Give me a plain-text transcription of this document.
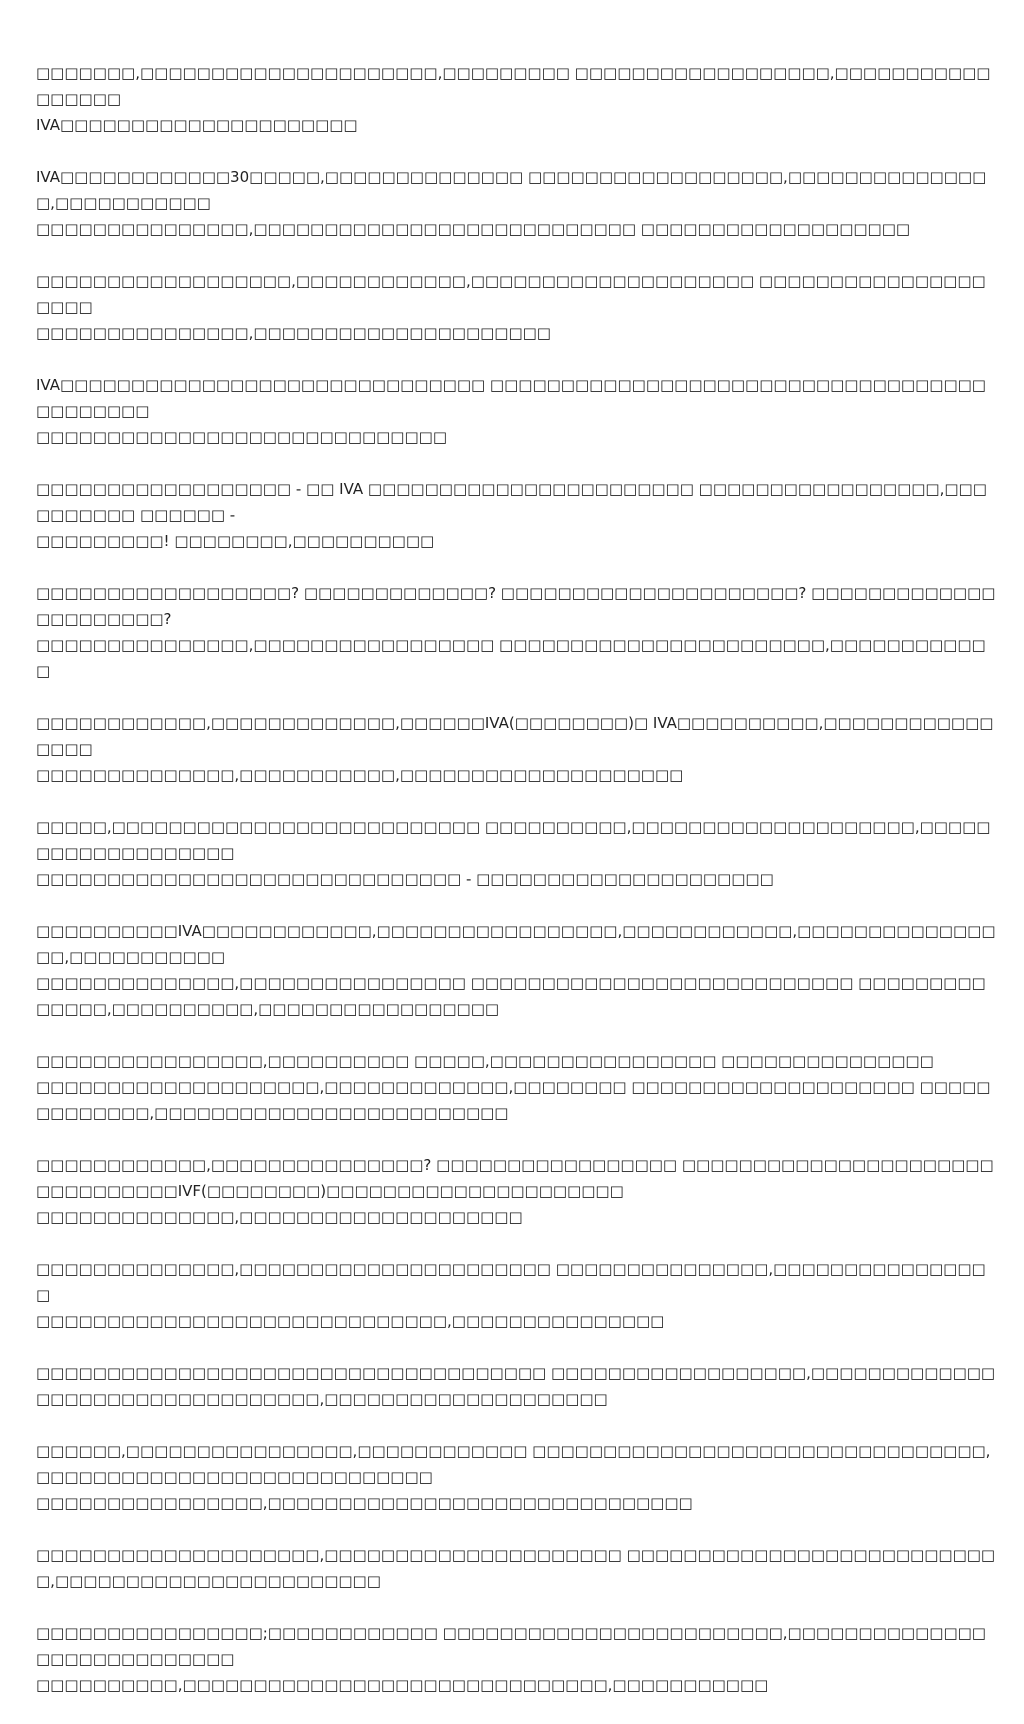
□□□□□□□,□□□□□□□□□□□□□□□□□□□□□,□□□□□□□□□ □□□□□□□□□□□□□□□□□□,□□□□□□□□□□□□□□□□□
IVA□□□□□□□□□□□□□□□□□□□□□

IVA□□□□□□□□□□□□30□□□□□,□□□□□□□□□□□□□□ □□□□□□□□□□□□□□□□□□,□□□□□□□□□□□□□□□,□□□□□□□□□□□
□□□□□□□□□□□□□□□,□□□□□□□□□□□□□□□□□□□□□□□□□□□ □□□□□□□□□□□□□□□□□□□

□□□□□□□□□□□□□□□□□□,□□□□□□□□□□□□,□□□□□□□□□□□□□□□□□□□□ □□□□□□□□□□□□□□□□□□□□
□□□□□□□□□□□□□□□,□□□□□□□□□□□□□□□□□□□□□

IVA□□□□□□□□□□□□□□□□□□□□□□□□□□□□□□ □□□□□□□□□□□□□□□□□□□□□□□□□□□□□□□□□□□□□□□□□□□
□□□□□□□□□□□□□□□□□□□□□□□□□□□□□

□□□□□□□□□□□□□□□□□□ - □□ IVA □□□□□□□□□□□□□□□□□□□□□□□ □□□□□□□□□□□□□□□□□,□□□□□□□□□□ □□□□□□ -
□□□□□□□□□! □□□□□□□□,□□□□□□□□□□

□□□□□□□□□□□□□□□□□□? □□□□□□□□□□□□□? □□□□□□□□□□□□□□□□□□□□□? □□□□□□□□□□□□□□□□□□□□□□?
□□□□□□□□□□□□□□□,□□□□□□□□□□□□□□□□□ □□□□□□□□□□□□□□□□□□□□□□□,□□□□□□□□□□□□

□□□□□□□□□□□□,□□□□□□□□□□□□□,□□□□□□IVA(□□□□□□□□)□ IVA□□□□□□□□□□,□□□□□□□□□□□□□□□□
□□□□□□□□□□□□□□,□□□□□□□□□□□,□□□□□□□□□□□□□□□□□□□□

□□□□□,□□□□□□□□□□□□□□□□□□□□□□□□□□ □□□□□□□□□□,□□□□□□□□□□□□□□□□□□□□,□□□□□□□□□□□□□□□□□□□
□□□□□□□□□□□□□□□□□□□□□□□□□□□□□□ - □□□□□□□□□□□□□□□□□□□□□

□□□□□□□□□□IVA□□□□□□□□□□□□,□□□□□□□□□□□□□□□□□,□□□□□□□□□□□□,□□□□□□□□□□□□□□□□,□□□□□□□□□□□
□□□□□□□□□□□□□□,□□□□□□□□□□□□□□□□ □□□□□□□□□□□□□□□□□□□□□□□□□□□ □□□□□□□□□□□□□□,□□□□□□□□□□,□□□□□□□□□□□□□□□□□

□□□□□□□□□□□□□□□□,□□□□□□□□□□ □□□□□,□□□□□□□□□□□□□□□□ □□□□□□□□□□□□□□□
□□□□□□□□□□□□□□□□□□□□,□□□□□□□□□□□□□,□□□□□□□□ □□□□□□□□□□□□□□□□□□□□ □□□□□□□□□□□□□,□□□□□□□□□□□□□□□□□□□□□□□□□

□□□□□□□□□□□□,□□□□□□□□□□□□□□□? □□□□□□□□□□□□□□□□□ □□□□□□□□□□□□□□□□□□□□□□□□□□□□□□□□IVF(□□□□□□□□)□□□□□□□□□□□□□□□□□□□□□
□□□□□□□□□□□□□□,□□□□□□□□□□□□□□□□□□□□

□□□□□□□□□□□□□□,□□□□□□□□□□□□□□□□□□□□□□ □□□□□□□□□□□□□□□,□□□□□□□□□□□□□□□□
□□□□□□□□□□□□□□□□□□□□□□□□□□□□□,□□□□□□□□□□□□□□□

□□□□□□□□□□□□□□□□□□□□□□□□□□□□□□□□□□□□ □□□□□□□□□□□□□□□□□□,□□□□□□□□□□□□□ □□□□□□□□□□□□□□□□□□□□,□□□□□□□□□□□□□□□□□□□□

□□□□□□,□□□□□□□□□□□□□□□□,□□□□□□□□□□□□ □□□□□□□□□□□□□□□□□□□□□□□□□□□□□□□□,□□□□□□□□□□□□□□□□□□□□□□□□□□□□
□□□□□□□□□□□□□□□□,□□□□□□□□□□□□□□□□□□□□□□□□□□□□□□

□□□□□□□□□□□□□□□□□□□□,□□□□□□□□□□□□□□□□□□□□□ □□□□□□□□□□□□□□□□□□□□□□□□□□□,□□□□□□□□□□□□□□□□□□□□□□□

□□□□□□□□□□□□□□□□;□□□□□□□□□□□□ □□□□□□□□□□□□□□□□□□□□□□□□,□□□□□□□□□□□□□□□□□□□□□□□□□□□□
□□□□□□□□□□,□□□□□□□□□□□□□□□□□□□□□□□□□□□□□□,□□□□□□□□□□□
